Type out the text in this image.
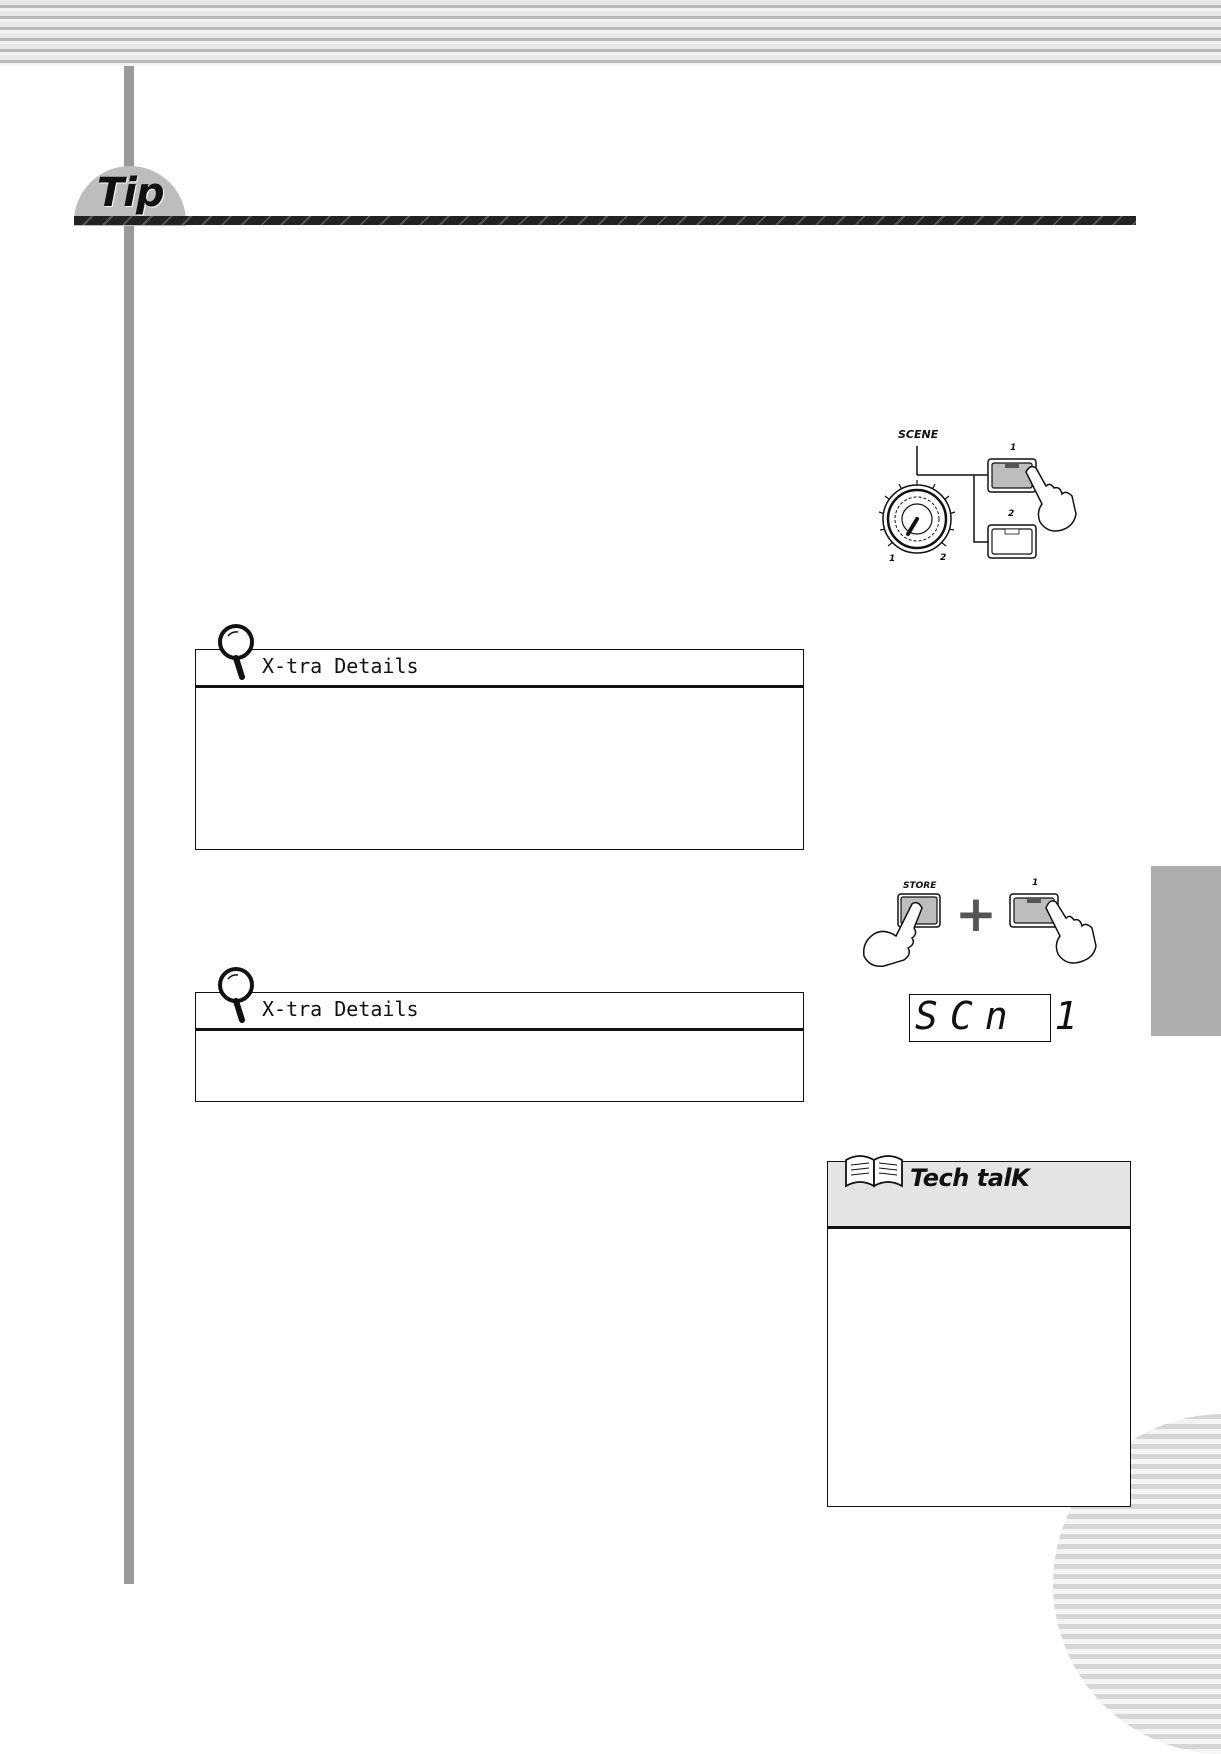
Tip
X-tra Details
X-tra Details
SCENE
1
2
1	2
STORE	1
+
SCn 1
Tech talK
